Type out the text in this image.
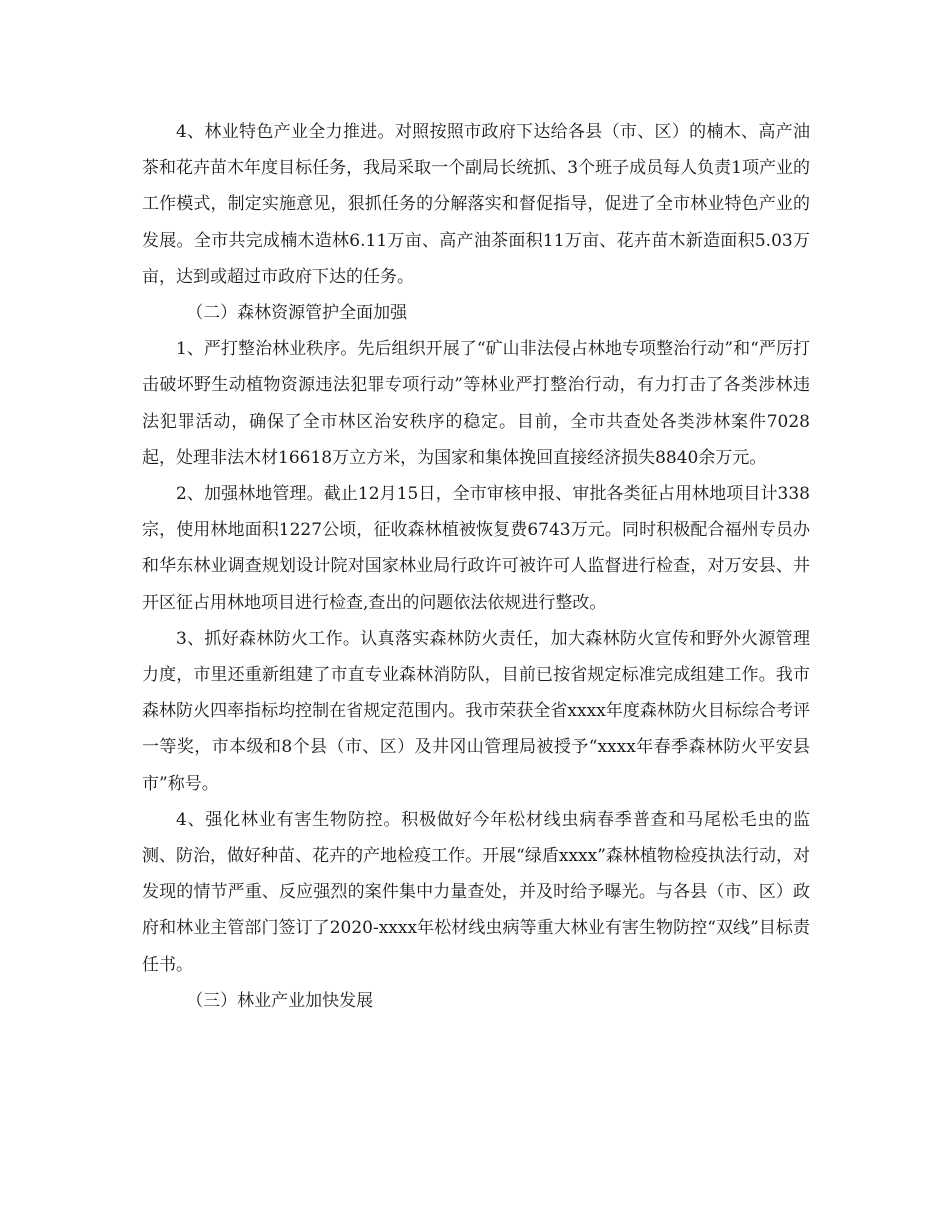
4、林业特色产业全力推进。对照按照市政府下达给各县（市、区）的楠木、高产油茶和花卉苗木年度目标任务，我局采取一个副局长统抓、3个班子成员每人负责1项产业的工作模式，制定实施意见，狠抓任务的分解落实和督促指导，促进了全市林业特色产业的发展。全市共完成楠木造林6.11万亩、高产油茶面积11万亩、花卉苗木新造面积5.03万亩，达到或超过市政府下达的任务。

（二）森林资源管护全面加强

1、严打整治林业秩序。先后组织开展了“矿山非法侵占林地专项整治行动”和“严厉打击破坏野生动植物资源违法犯罪专项行动”等林业严打整治行动，有力打击了各类涉林违法犯罪活动，确保了全市林区治安秩序的稳定。目前，全市共查处各类涉林案件7028起，处理非法木材16618万立方米，为国家和集体挽回直接经济损失8840余万元。

2、加强林地管理。截止12月15日，全市审核申报、审批各类征占用林地项目计338宗，使用林地面积1227公顷，征收森林植被恢复费6743万元。同时积极配合福州专员办和华东林业调查规划设计院对国家林业局行政许可被许可人监督进行检查，对万安县、井开区征占用林地项目进行检查,查出的问题依法依规进行整改。

3、抓好森林防火工作。认真落实森林防火责任，加大森林防火宣传和野外火源管理力度，市里还重新组建了市直专业森林消防队，目前已按省规定标准完成组建工作。我市森林防火四率指标均控制在省规定范围内。我市荣获全省xxxx年度森林防火目标综合考评一等奖，市本级和8个县（市、区）及井冈山管理局被授予“xxxx年春季森林防火平安县市”称号。

4、强化林业有害生物防控。积极做好今年松材线虫病春季普查和马尾松毛虫的监测、防治，做好种苗、花卉的产地检疫工作。开展“绿盾xxxx”森林植物检疫执法行动，对发现的情节严重、反应强烈的案件集中力量查处，并及时给予曝光。与各县（市、区）政府和林业主管部门签订了2020-xxxx年松材线虫病等重大林业有害生物防控“双线”目标责任书。

（三）林业产业加快发展
